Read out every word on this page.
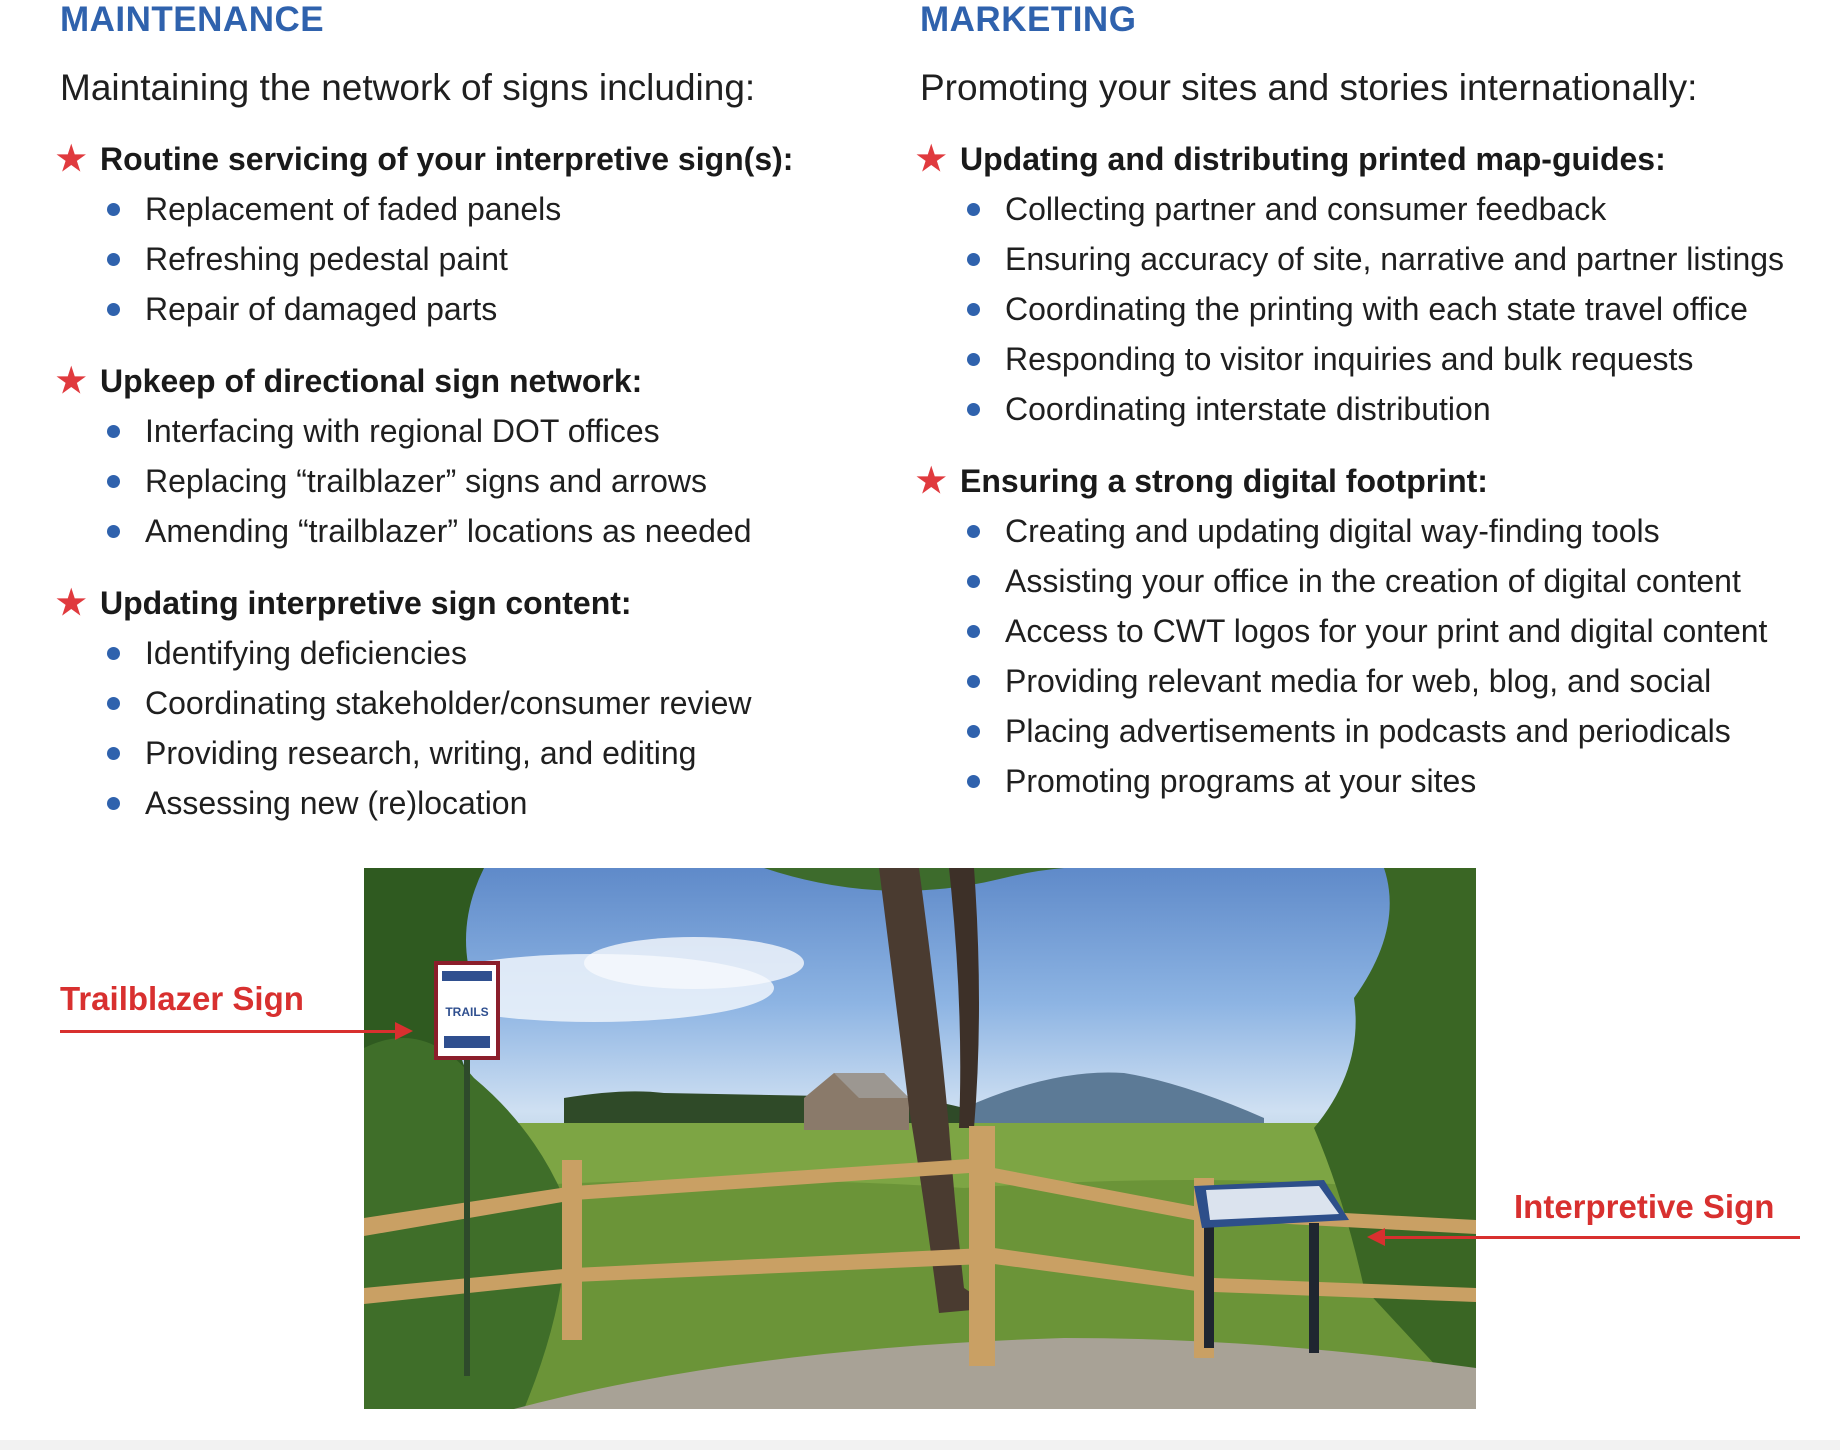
MAINTENANCE

Maintaining the network of signs including:

★ Routine servicing of your interpretive sign(s):
Replacement of faded panels
Refreshing pedestal paint
Repair of damaged parts
★ Upkeep of directional sign network:
Interfacing with regional DOT offices
Replacing “trailblazer” signs and arrows
Amending “trailblazer” locations as needed
★ Updating interpretive sign content:
Identifying deficiencies
Coordinating stakeholder/consumer review
Providing research, writing, and editing
Assessing new (re)location
MARKETING

Promoting your sites and stories internationally:

★ Updating and distributing printed map-guides:
Collecting partner and consumer feedback
Ensuring accuracy of site, narrative and partner listings
Coordinating the printing with each state travel office
Responding to visitor inquiries and bulk requests
Coordinating interstate distribution
★ Ensuring a strong digital footprint:
Creating and updating digital way-finding tools
Assisting your office in the creation of digital content
Access to CWT logos for your print and digital content
Providing relevant media for web, blog, and social
Placing advertisements in podcasts and periodicals
Promoting programs at your sites
TRAILS
Trailblazer Sign
Interpretive Sign
